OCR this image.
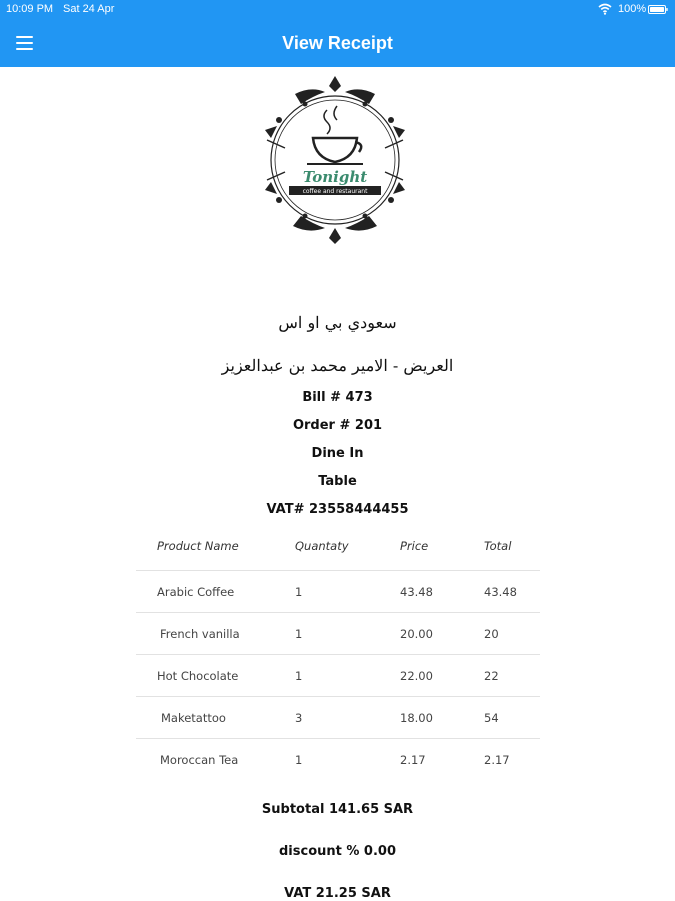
10:09 PM Sat 24 Apr	100%
View Receipt
Tonight
coffee and restaurant
سعودي بي او اس
العريض - الامير محمد بن عبدالعزيز
Bill # 473
Order # 201
Dine In
Table
VAT# 23558444455
Product Name	Quantaty	Price	Total
Arabic Coffee	1	43.48	43.48
French vanilla	1	20.00	20
Hot Chocolate	1	22.00	22
Maketattoo	3	18.00	54
Moroccan Tea	1	2.17	2.17
Subtotal 141.65 SAR
discount % 0.00
VAT 21.25 SAR
